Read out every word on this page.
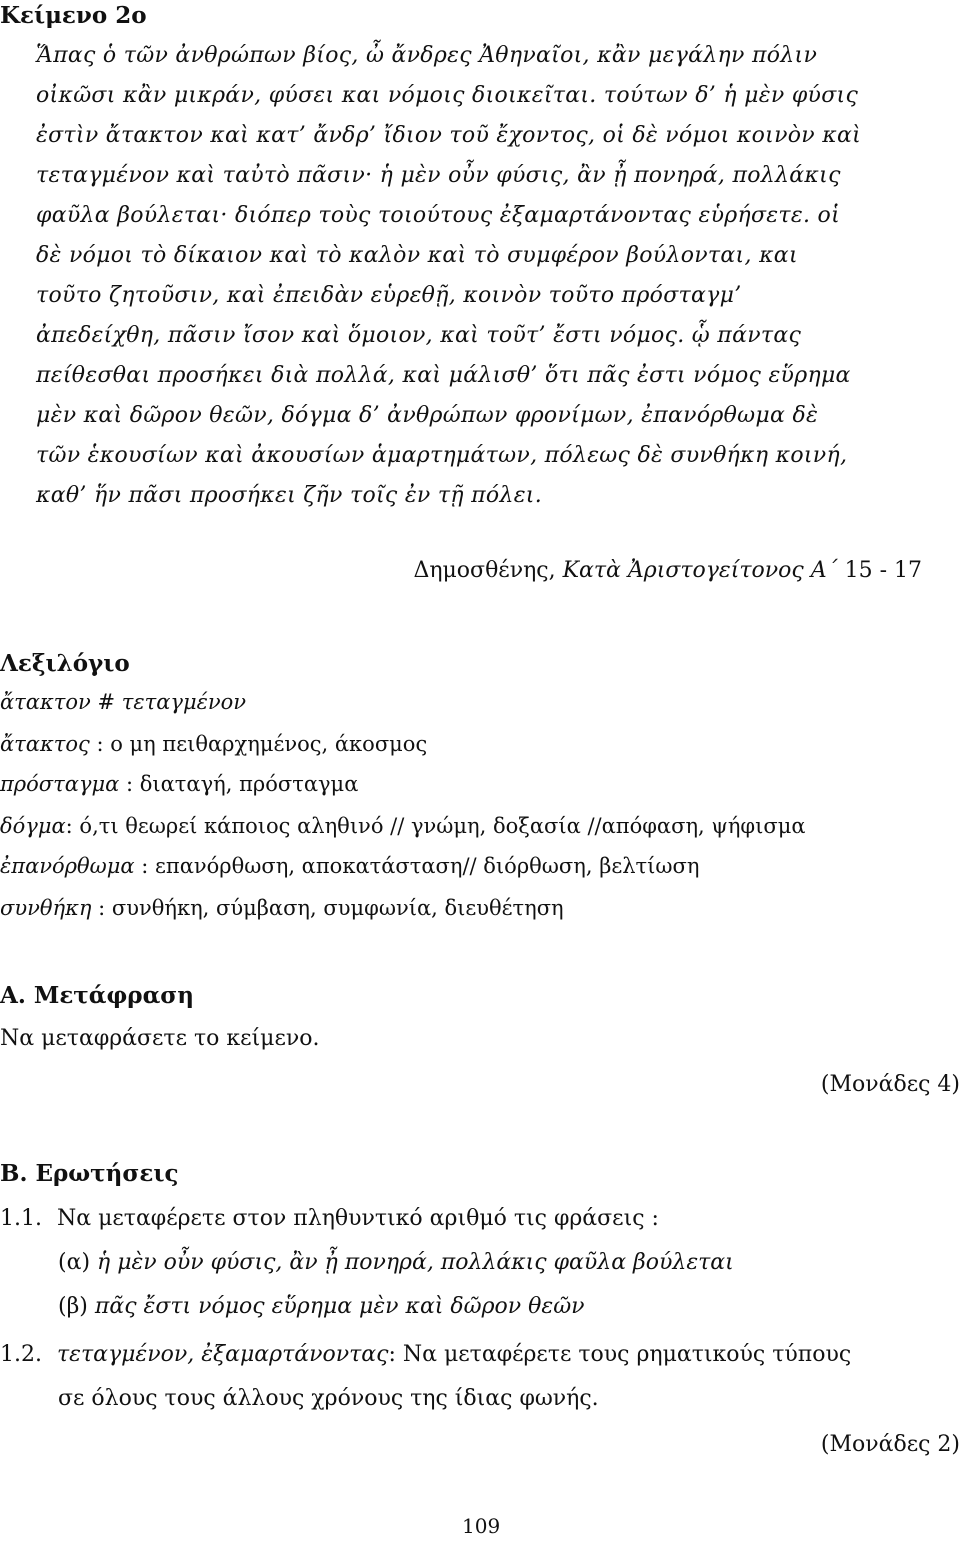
Κείμενο 2ο
Ἅπας ὁ τῶν ἀνθρώπων βίος, ὦ ἄνδρες Ἀθηναῖοι, κἂν μεγάλην πόλιν
οἰκῶσι κἂν μικράν, φύσει και νόμοις διοικεῖται. τούτων δ’ ἡ μὲν φύσις
ἐστὶν ἄτακτον καὶ κατ’ ἄνδρ’ ἴδιον τοῦ ἔχοντος, οἱ δὲ νόμοι κοινὸν καὶ
τεταγμένον καὶ ταὐτὸ πᾶσιν· ἡ μὲν οὖν φύσις, ἂν ᾖ πονηρά, πολλάκις
φαῦλα βούλεται· διόπερ τοὺς τοιούτους ἐξαμαρτάνοντας εὑρήσετε. οἱ
δὲ νόμοι τὸ δίκαιον καὶ τὸ καλὸν καὶ τὸ συμφέρον βούλονται, και
τοῦτο ζητοῦσιν, καὶ ἐπειδὰν εὑρεθῇ, κοινὸν τοῦτο πρόσταγμ’
ἀπεδείχθη, πᾶσιν ἴσον καὶ ὅμοιον, καὶ τοῦτ’ ἔστι νόμος. ᾧ πάντας
πείθεσθαι προσήκει διὰ πολλά, καὶ μάλισθ’ ὅτι πᾶς ἐστι νόμος εὕρημα
μὲν καὶ δῶρον θεῶν, δόγμα δ’ ἀνθρώπων φρονίμων, ἐπανόρθωμα δὲ
τῶν ἑκουσίων καὶ ἀκουσίων ἁμαρτημάτων, πόλεως δὲ συνθήκη κοινή,
καθ’ ἥν πᾶσι προσήκει ζῆν τοῖς ἐν τῇ πόλει.
Δημοσθένης, Κατὰ Ἀριστογείτονος Α΄ 15 - 17
Λεξιλόγιο
ἄτακτον # τεταγμένον
ἄτακτος : ο μη πειθαρχημένος, άκοσμος
πρόσταγμα : διαταγή, πρόσταγμα
δόγμα: ό,τι θεωρεί κάποιος αληθινό // γνώμη, δοξασία //απόφαση, ψήφισμα
ἐπανόρθωμα : επανόρθωση, αποκατάσταση// διόρθωση, βελτίωση
συνθήκη : συνθήκη, σύμβαση, συμφωνία, διευθέτηση
Α. Μετάφραση
Να μεταφράσετε το κείμενο.
(Μονάδες 4)
Β. Ερωτήσεις
1.1. Να μεταφέρετε στον πληθυντικό αριθμό τις φράσεις :
(α) ἡ μὲν οὖν φύσις, ἂν ᾖ πονηρά, πολλάκις φαῦλα βούλεται
(β) πᾶς ἔστι νόμος εὕρημα μὲν καὶ δῶρον θεῶν
1.2. τεταγμένον, ἐξαμαρτάνοντας: Να μεταφέρετε τους ρηματικούς τύπους
σε όλους τους άλλους χρόνους της ίδιας φωνής.
(Μονάδες 2)
109
